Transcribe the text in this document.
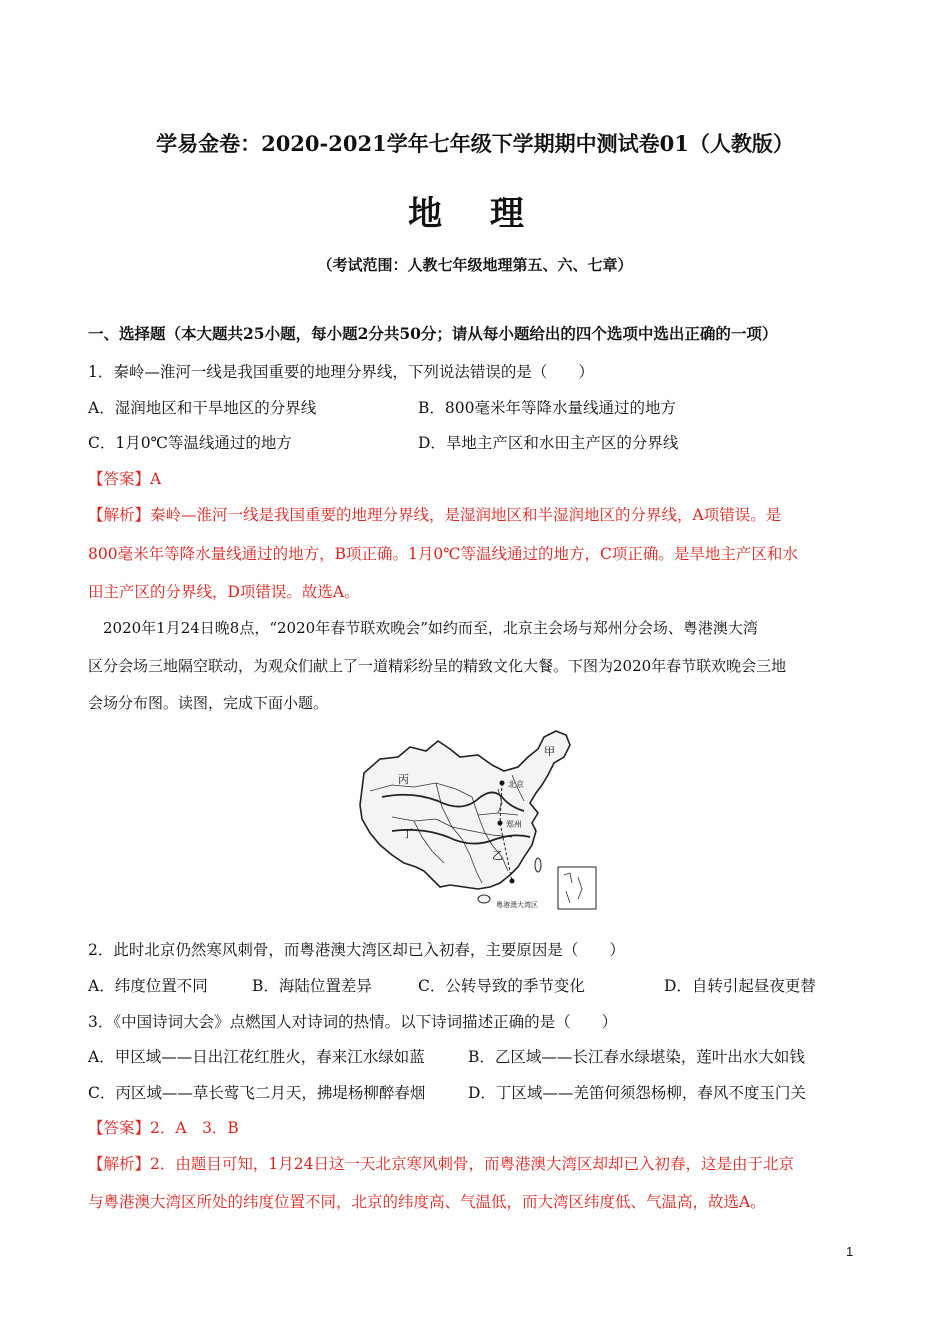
学易金卷：2020-2021学年七年级下学期期中测试卷01（人教版）
地 理
（考试范围：人教七年级地理第五、六、七章）
一、选择题（本大题共25小题，每小题2分共50分；请从每小题给出的四个选项中选出正确的一项）
1．秦岭—淮河一线是我国重要的地理分界线，下列说法错误的是（　　）
A．湿润地区和干旱地区的分界线	B．800毫米年等降水量线通过的地方
C．1月0℃等温线通过的地方	D．旱地主产区和水田主产区的分界线
【答案】A
【解析】秦岭—淮河一线是我国重要的地理分界线，是湿润地区和半湿润地区的分界线，A项错误。是
800毫米年等降水量线通过的地方，B项正确。1月0℃等温线通过的地方，C项正确。是旱地主产区和水
田主产区的分界线，D项错误。故选A。
2020年1月24日晚8点，“2020年春节联欢晚会”如约而至，北京主会场与郑州分会场、粤港澳大湾
区分会场三地隔空联动，为观众们献上了一道精彩纷呈的精致文化大餐。下图为2020年春节联欢晚会三地
会场分布图。读图，完成下面小题。
丙
甲
丁
乙
北京
郑州
粤港澳大湾区
2．此时北京仍然寒风刺骨，而粤港澳大湾区却已入初春，主要原因是（　　）
A．纬度位置不同	B．海陆位置差异	C．公转导致的季节变化	D．自转引起昼夜更替
3．《中国诗词大会》点燃国人对诗词的热情。以下诗词描述正确的是（　　）
A．甲区域——日出江花红胜火，春来江水绿如蓝	B．乙区域——长江春水绿堪染，莲叶出水大如钱
C．丙区域——草长莺飞二月天，拂堤杨柳醉春烟	D．丁区域——羌笛何须怨杨柳，春风不度玉门关
【答案】2．A　3．B
【解析】2．由题目可知，1月24日这一天北京寒风刺骨，而粤港澳大湾区却却已入初春，这是由于北京
与粤港澳大湾区所处的纬度位置不同，北京的纬度高、气温低，而大湾区纬度低、气温高，故选A。
1
